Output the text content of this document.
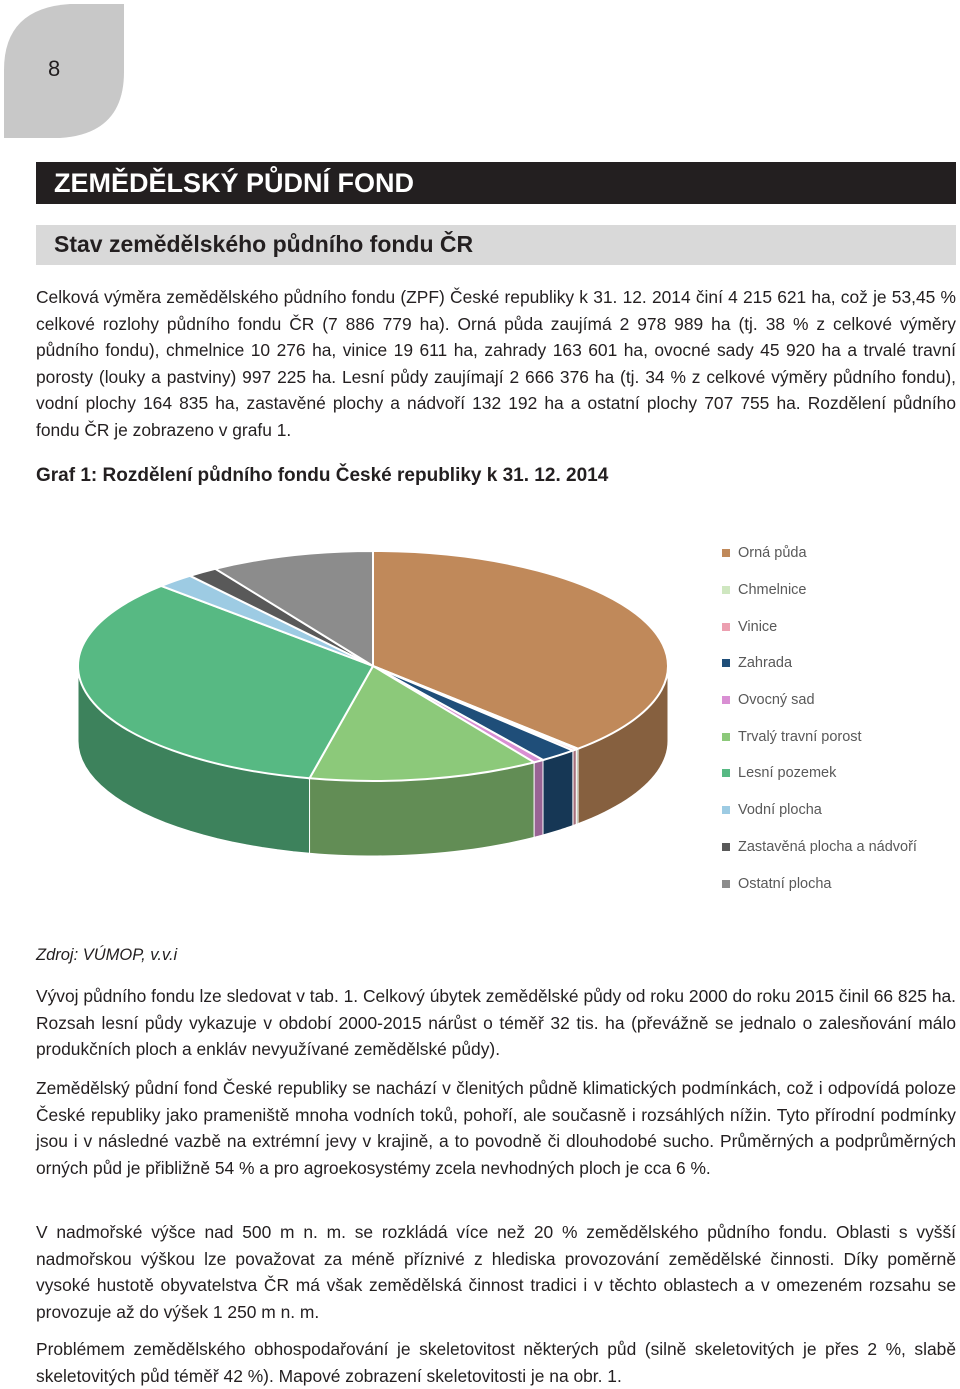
8
ZEMĚDĚLSKÝ PŮDNÍ FOND
Stav zemědělského půdního fondu ČR

Celková výměra zemědělského půdního fondu (ZPF) České republiky k 31. 12. 2014 činí 4 215 621 ha, což je 53,45 % celkové rozlohy půdního fondu ČR (7 886 779 ha). Orná půda zaujímá 2 978 989 ha (tj. 38 % z celkové výměry půdního fondu), chmelnice 10 276 ha, vinice 19 611 ha, zahrady 163 601 ha, ovocné sady 45 920 ha a trvalé travní porosty (louky a pastviny) 997 225 ha. Lesní půdy zaujímají 2 666 376 ha (tj. 34 % z celkové výměry půdního fondu), vodní plochy 164 835 ha, zastavěné plochy a nádvoří 132 192 ha a ostatní plochy 707 755 ha. Rozdělení půdního fondu ČR je zobrazeno v grafu 1.

Graf 1: Rozdělení půdního fondu České republiky k 31. 12. 2014

Orná půda
Chmelnice
Vinice
Zahrada
Ovocný sad
Trvalý travní porost
Lesní pozemek
Vodní plocha
Zastavěná plocha a nádvoří
Ostatní plocha

Zdroj: VÚMOP, v.v.i

Vývoj půdního fondu lze sledovat v tab. 1. Celkový úbytek zemědělské půdy od roku 2000 do roku 2015 činil 66 825 ha. Rozsah lesní půdy vykazuje v období 2000-2015 nárůst o téměř 32 tis. ha (převážně se jednalo o zalesňování málo produkčních ploch a enkláv nevyužívané zemědělské půdy).

Zemědělský půdní fond České republiky se nachází v členitých půdně klimatických podmínkách, což i odpovídá poloze České republiky jako prameniště mnoha vodních toků, pohoří, ale současně i rozsáhlých nížin. Tyto přírodní podmínky jsou i v následné vazbě na extrémní jevy v krajině, a to povodně či dlouhodobé sucho. Průměrných a podprůměrných orných půd je přibližně 54 % a pro agroekosystémy zcela nevhodných ploch je cca 6 %.

V nadmořské výšce nad 500 m n. m. se rozkládá více než 20 % zemědělského půdního fondu. Oblasti s vyšší nadmořskou výškou lze považovat za méně příznivé z hlediska provozování zemědělské činnosti. Díky poměrně vysoké hustotě obyvatelstva ČR má však zemědělská činnost tradici i v těchto oblastech a v omezeném rozsahu se provozuje až do výšek 1 250 m n. m.

Problémem zemědělského obhospodařování je skeletovitost některých půd (silně skeletovitých je přes 2 %, slabě skeletovitých půd téměř 42 %). Mapové zobrazení skeletovitosti je na obr. 1.
